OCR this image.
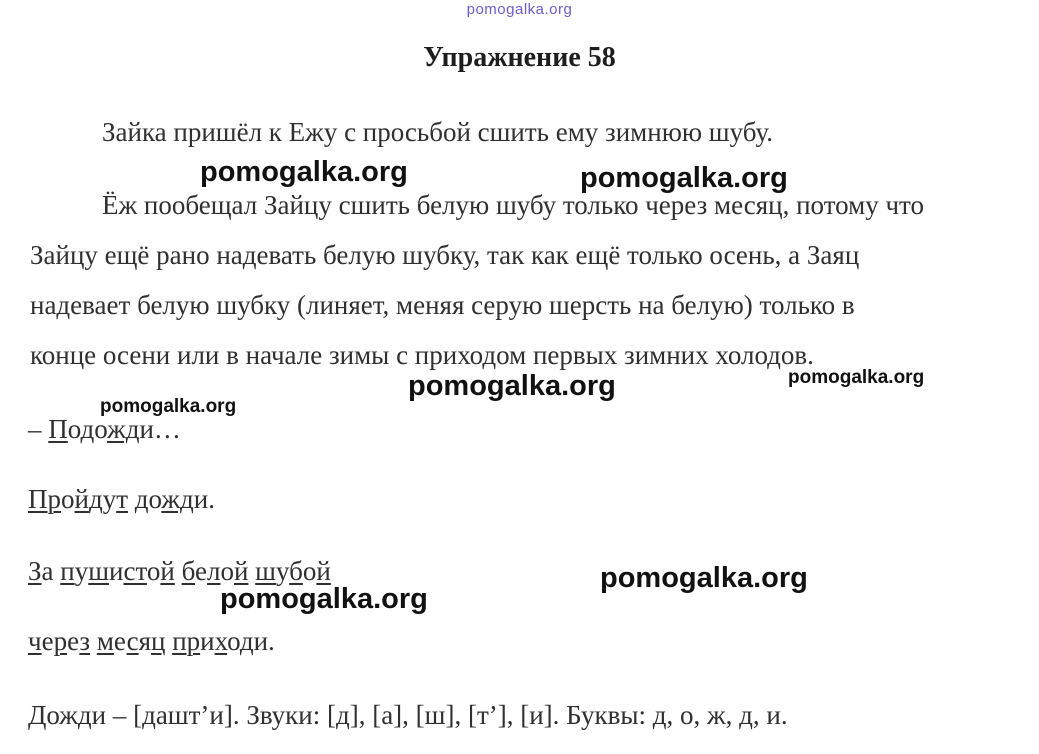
pomogalka.org
Упражнение 58
Зайка пришёл к Ежу с просьбой сшить ему зимнюю шубу.
Ёж пообещал Зайцу сшить белую шубу только через месяц, потому что
Зайцу ещё рано надевать белую шубку, так как ещё только осень, а Заяц
надевает белую шубку (линяет, меняя серую шерсть на белую) только в
конце осени или в начале зимы с приходом первых зимних холодов.
– Подожди…
Пройдут дожди.
За пушистой белой шубой
через месяц приходи.
Дожди – [дашт’и]. Звуки: [д], [а], [ш], [т’], [и]. Буквы: д, о, ж, д, и.
pomogalka.org	pomogalka.org
pomogalka.org	pomogalka.org
pomogalka.org
pomogalka.org
pomogalka.org
